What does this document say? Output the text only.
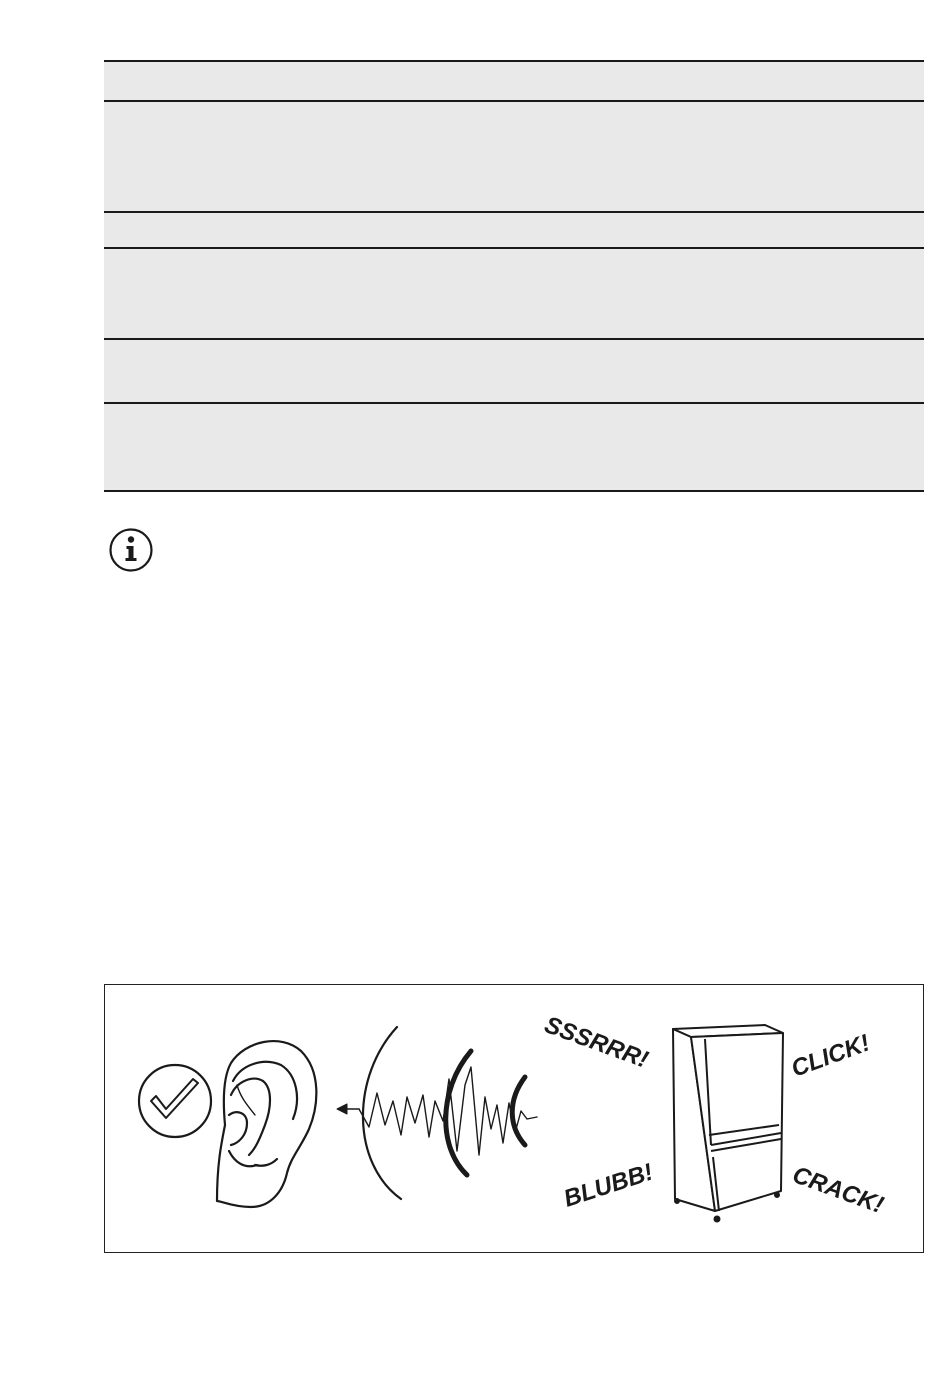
SSSRRR!	CLICK!
BLUBB!	CRACK!
